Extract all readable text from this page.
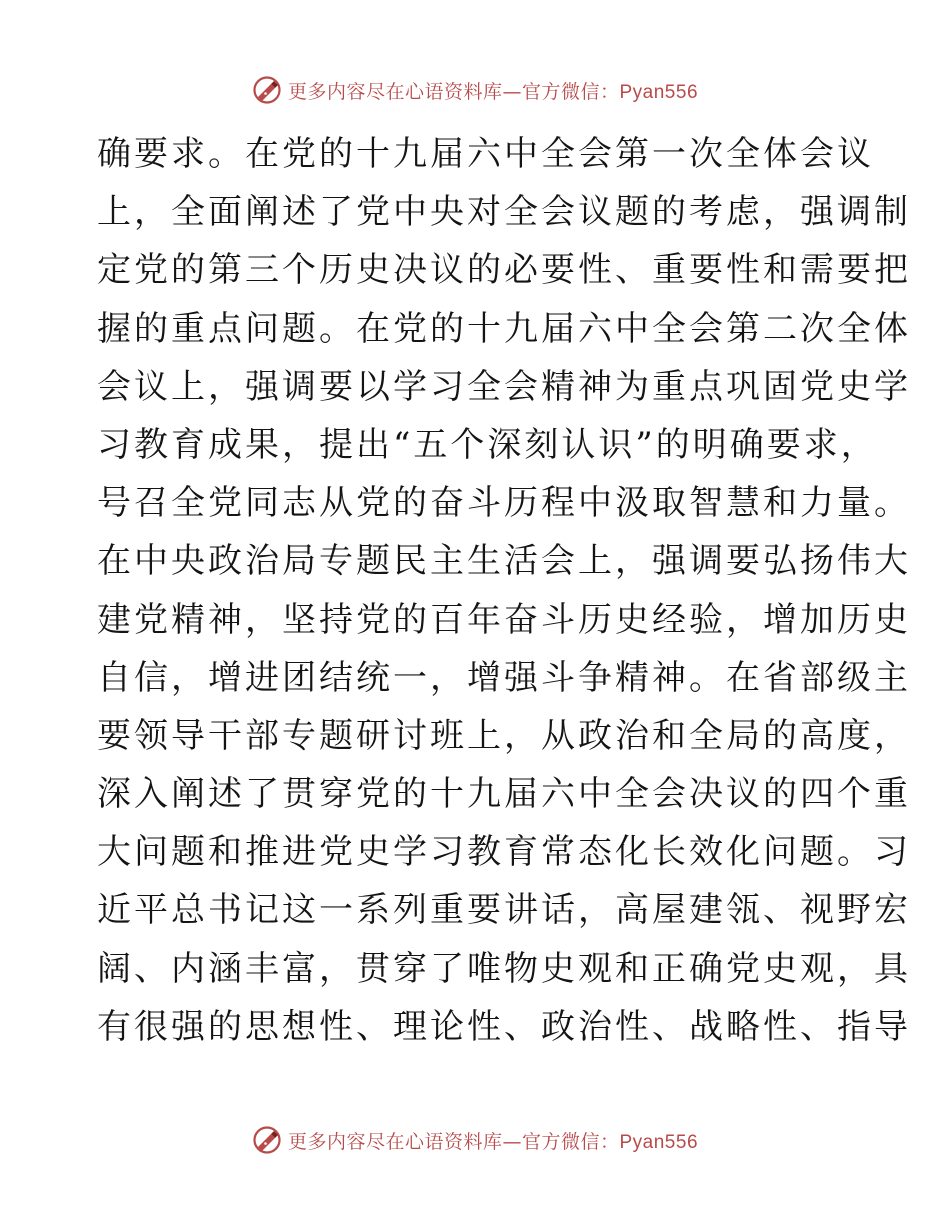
更多内容尽在心语资料库—官方微信：Pyan556
确要求。在党的十九届六中全会第一次全体会议
上，全面阐述了党中央对全会议题的考虑，强调制
定党的第三个历史决议的必要性、重要性和需要把
握的重点问题。在党的十九届六中全会第二次全体
会议上，强调要以学习全会精神为重点巩固党史学
习教育成果，提出“五个深刻认识”的明确要求，
号召全党同志从党的奋斗历程中汲取智慧和力量。
在中央政治局专题民主生活会上，强调要弘扬伟大
建党精神，坚持党的百年奋斗历史经验，增加历史
自信，增进团结统一，增强斗争精神。在省部级主
要领导干部专题研讨班上，从政治和全局的高度，
深入阐述了贯穿党的十九届六中全会决议的四个重
大问题和推进党史学习教育常态化长效化问题。习
近平总书记这一系列重要讲话，高屋建瓴、视野宏
阔、内涵丰富，贯穿了唯物史观和正确党史观，具
有很强的思想性、理论性、政治性、战略性、指导
更多内容尽在心语资料库—官方微信：Pyan556
